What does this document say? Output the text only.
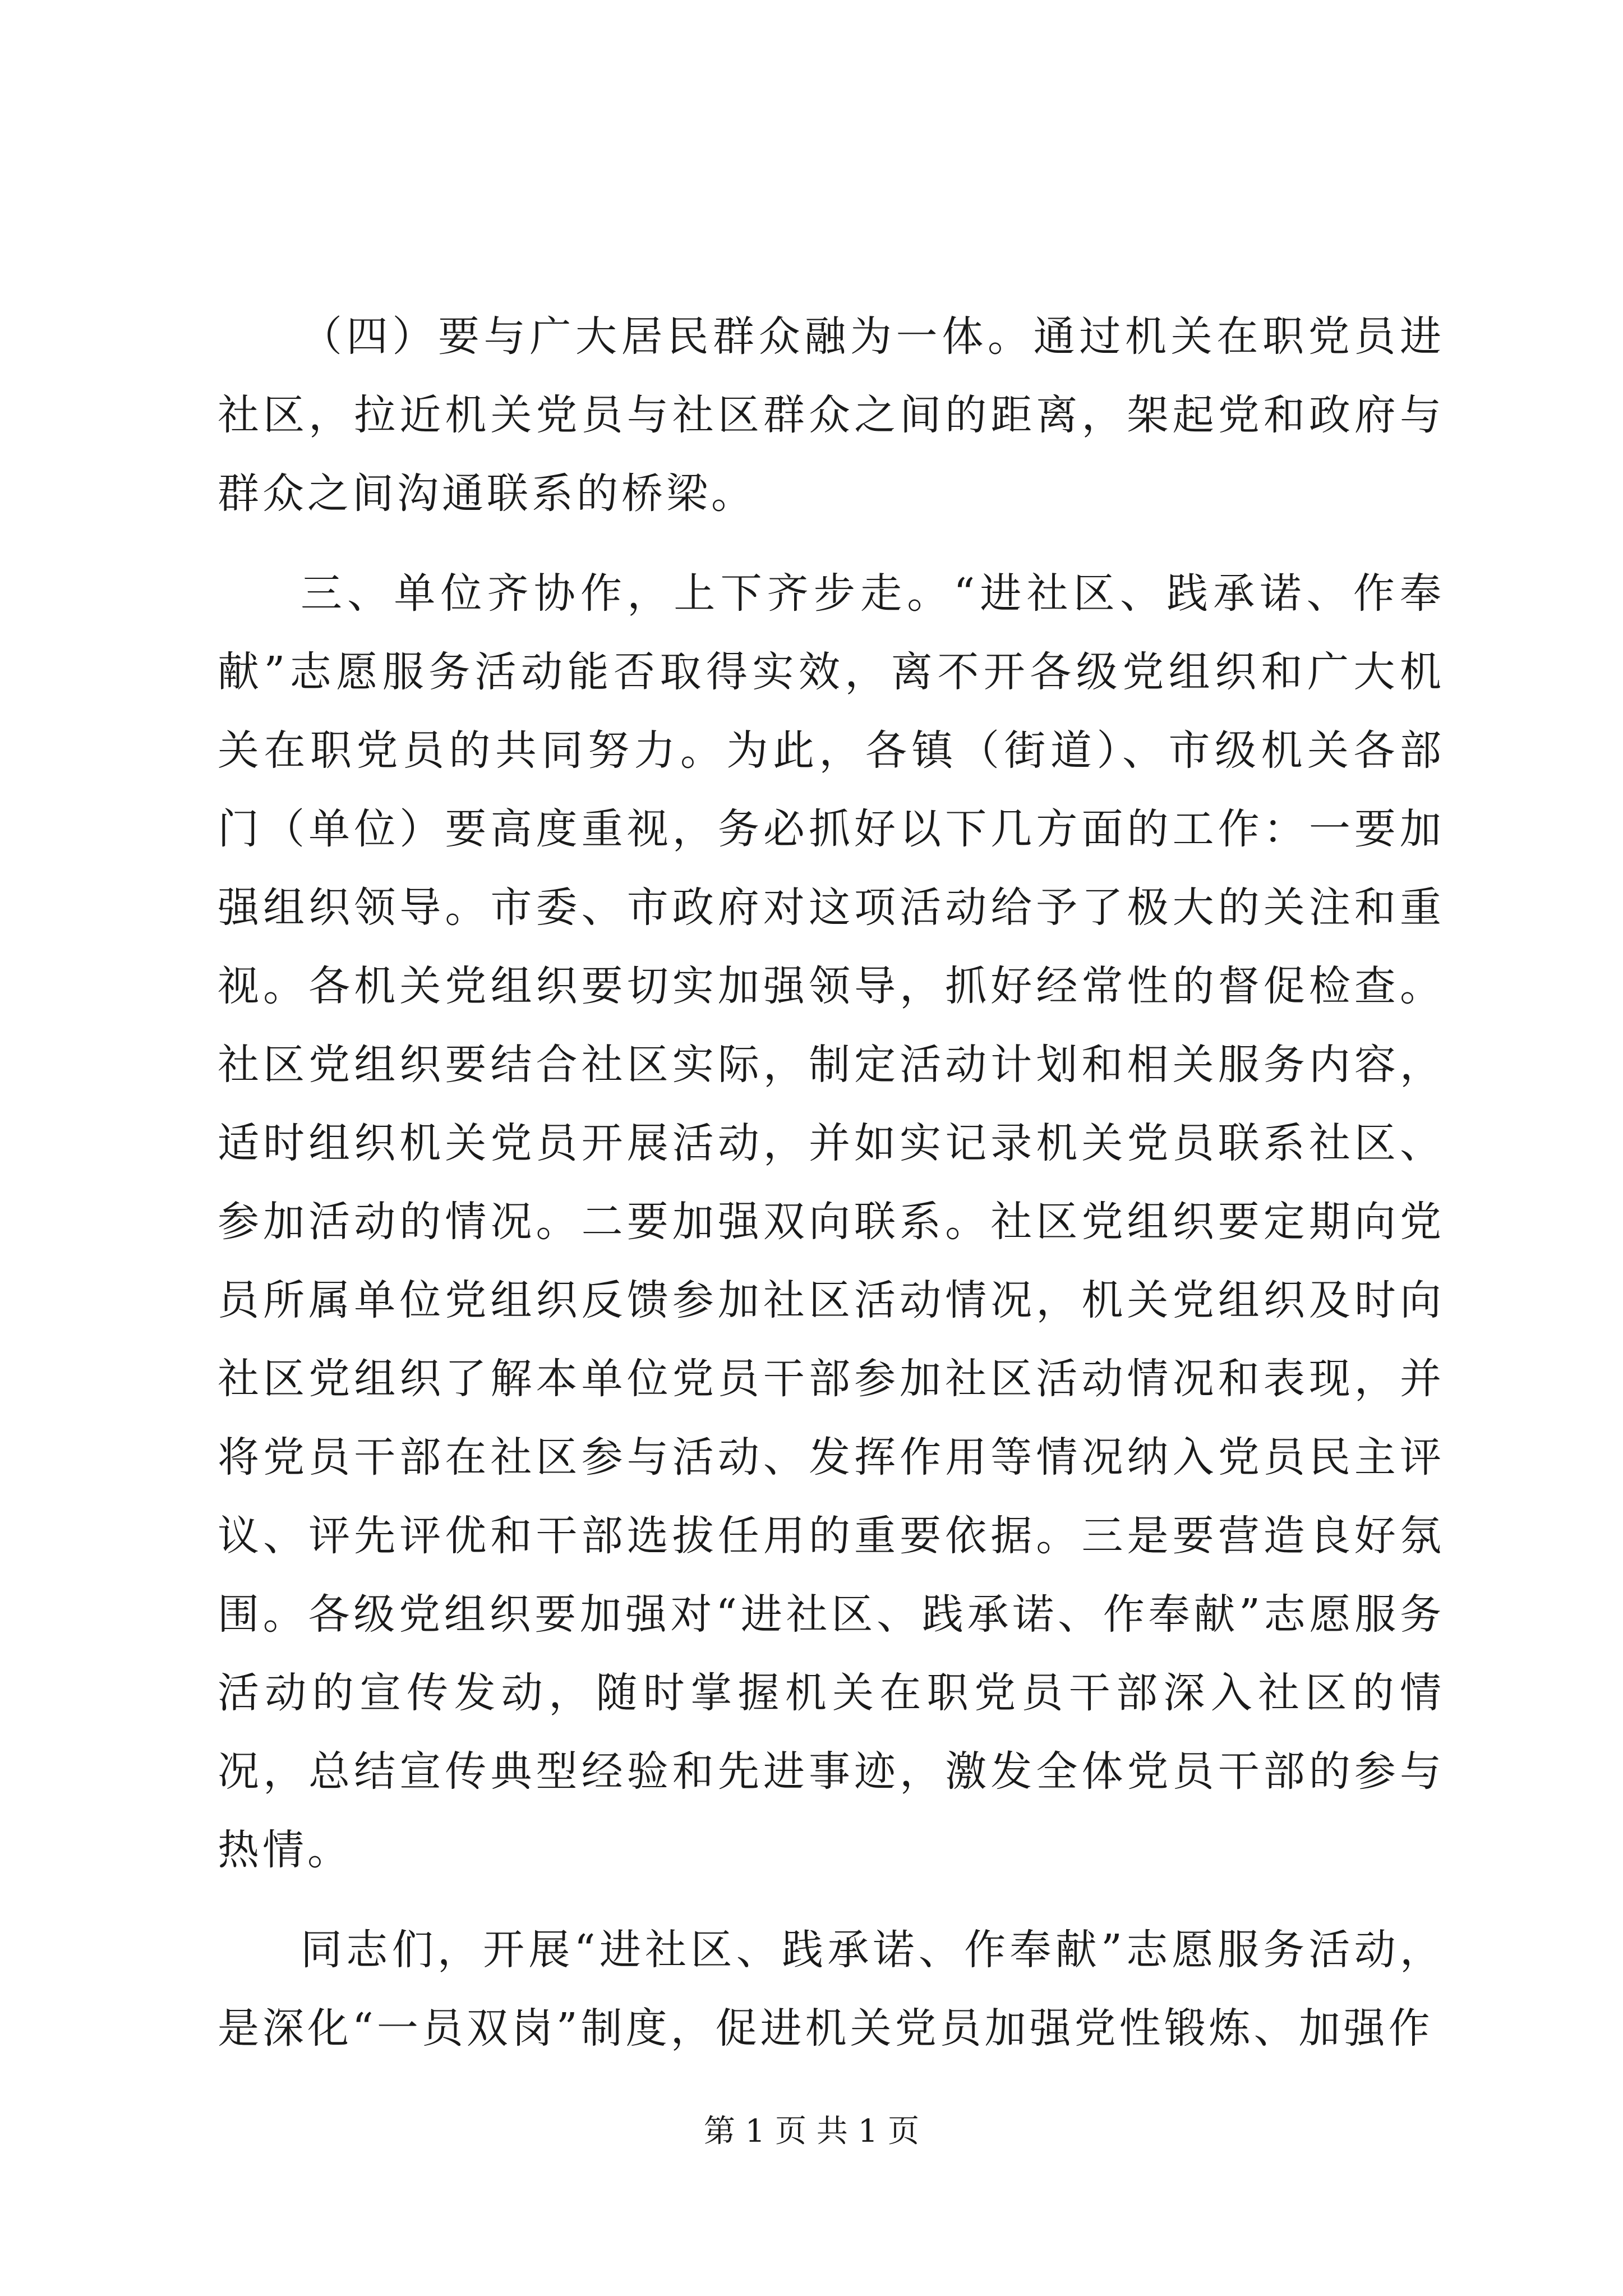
（四）要与广大居民群众融为一体。通过机关在职党员进社区，拉近机关党员与社区群众之间的距离，架起党和政府与群众之间沟通联系的桥梁。

三、单位齐协作，上下齐步走。“进社区、践承诺、作奉献”志愿服务活动能否取得实效，离不开各级党组织和广大机关在职党员的共同努力。为此，各镇（街道）、市级机关各部门（单位）要高度重视，务必抓好以下几方面的工作：一要加强组织领导。市委、市政府对这项活动给予了极大的关注和重视。各机关党组织要切实加强领导，抓好经常性的督促检查。社区党组织要结合社区实际，制定活动计划和相关服务内容，适时组织机关党员开展活动，并如实记录机关党员联系社区、参加活动的情况。二要加强双向联系。社区党组织要定期向党员所属单位党组织反馈参加社区活动情况，机关党组织及时向社区党组织了解本单位党员干部参加社区活动情况和表现，并将党员干部在社区参与活动、发挥作用等情况纳入党员民主评议、评先评优和干部选拔任用的重要依据。三是要营造良好氛围。各级党组织要加强对“进社区、践承诺、作奉献”志愿服务活动的宣传发动，随时掌握机关在职党员干部深入社区的情况，总结宣传典型经验和先进事迹，激发全体党员干部的参与热情。

同志们，开展“进社区、践承诺、作奉献”志愿服务活动，是深化“一员双岗”制度，促进机关党员加强党性锻炼、加强作

第 1 页 共 1 页
